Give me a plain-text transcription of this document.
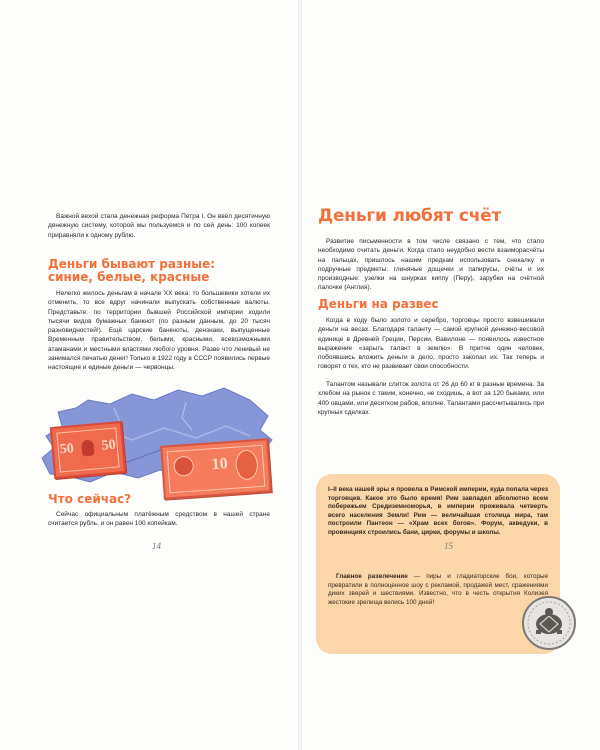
Важной вехой стала денежная реформа Петра I. Он ввёл десятичную денежную систему, которой мы пользуемся и по сей день: 100 копеек приравняли к одному рублю.

Деньги бывают разные:
синие, белые, красные

Нелегко жилось деньгам в начале XX века: то большевики хотели их отменить, то все вдруг начинали выпускать собственные валюты. Представьте: по территории бывшей Российской империи ходили тысячи видов бумажных банкнот (по разным данным, до 20 тысяч разновидностей!). Ещё царские банкноты, дензнаки, выпущенные Временным правительством, белыми, красными, всевозможными атаманами и местными властями любого уровня. Разве что ленивый не занимался печатью денег! Только в 1922 году в СССР появились первые настоящие и единые деньги — червонцы.

50 50
10
Что сейчас?

Сейчас официальным платёжным средством в нашей стране считается рубль, и он равен 100 копейкам.

14
Деньги любят счёт

Развитие письменности в том числе связано с тем, что стало необходимо считать деньги. Когда стало неудобно вести взаиморасчёты на пальцах, пришлось нашим предкам использовать снекалку и подручные предметы: глиняные дощечки и папирусы, счёты и их производные: узелки на шнурках киппу (Перу), зарубки на счётной палочке (Англия).

Деньги на развес

Когда в ходу было золото и серебро, торговцы просто взвешивали деньги на весах. Благодаря таланту — самой крупной денежно-весовой единице в Древней Греции, Персии, Вавилоне — появилось известное выражение «зарыть талант в землю». В притче один человек, побоявшись вложить деньги в дело, просто закопал их. Так теперь и говорят о тех, кто не развивает свои способности.

Талантом называли слиток золота от 26 до 60 кг в разные времена. За хлебом на рынок с таким, конечно, не сходишь, а вот за 120 быками, или 400 овцами, или десятком рабов, вполне. Талантами рассчитывались при крупных сделках.

I–II века нашей эры я провела в Римской империи, куда попала через торговцев. Какое это было время! Рим завладел абсолютно всем побережьем Средиземноморья, в империи проживала четверть всего населения Земли! Рим — величайшая столица мира, там построили Пантеон — «Храм всех богов». Форум, акведуки, в провинциях строились бани, цирки, форумы и школы.

Главное развлечение — пиры и гладиаторские бои, которые превратили в полноценное шоу с рекламой, продажей мест, сражениями диких зверей и шествиями. Известно, что в честь открытия Колизея жестокие зрелища велись 100 дней!

15
